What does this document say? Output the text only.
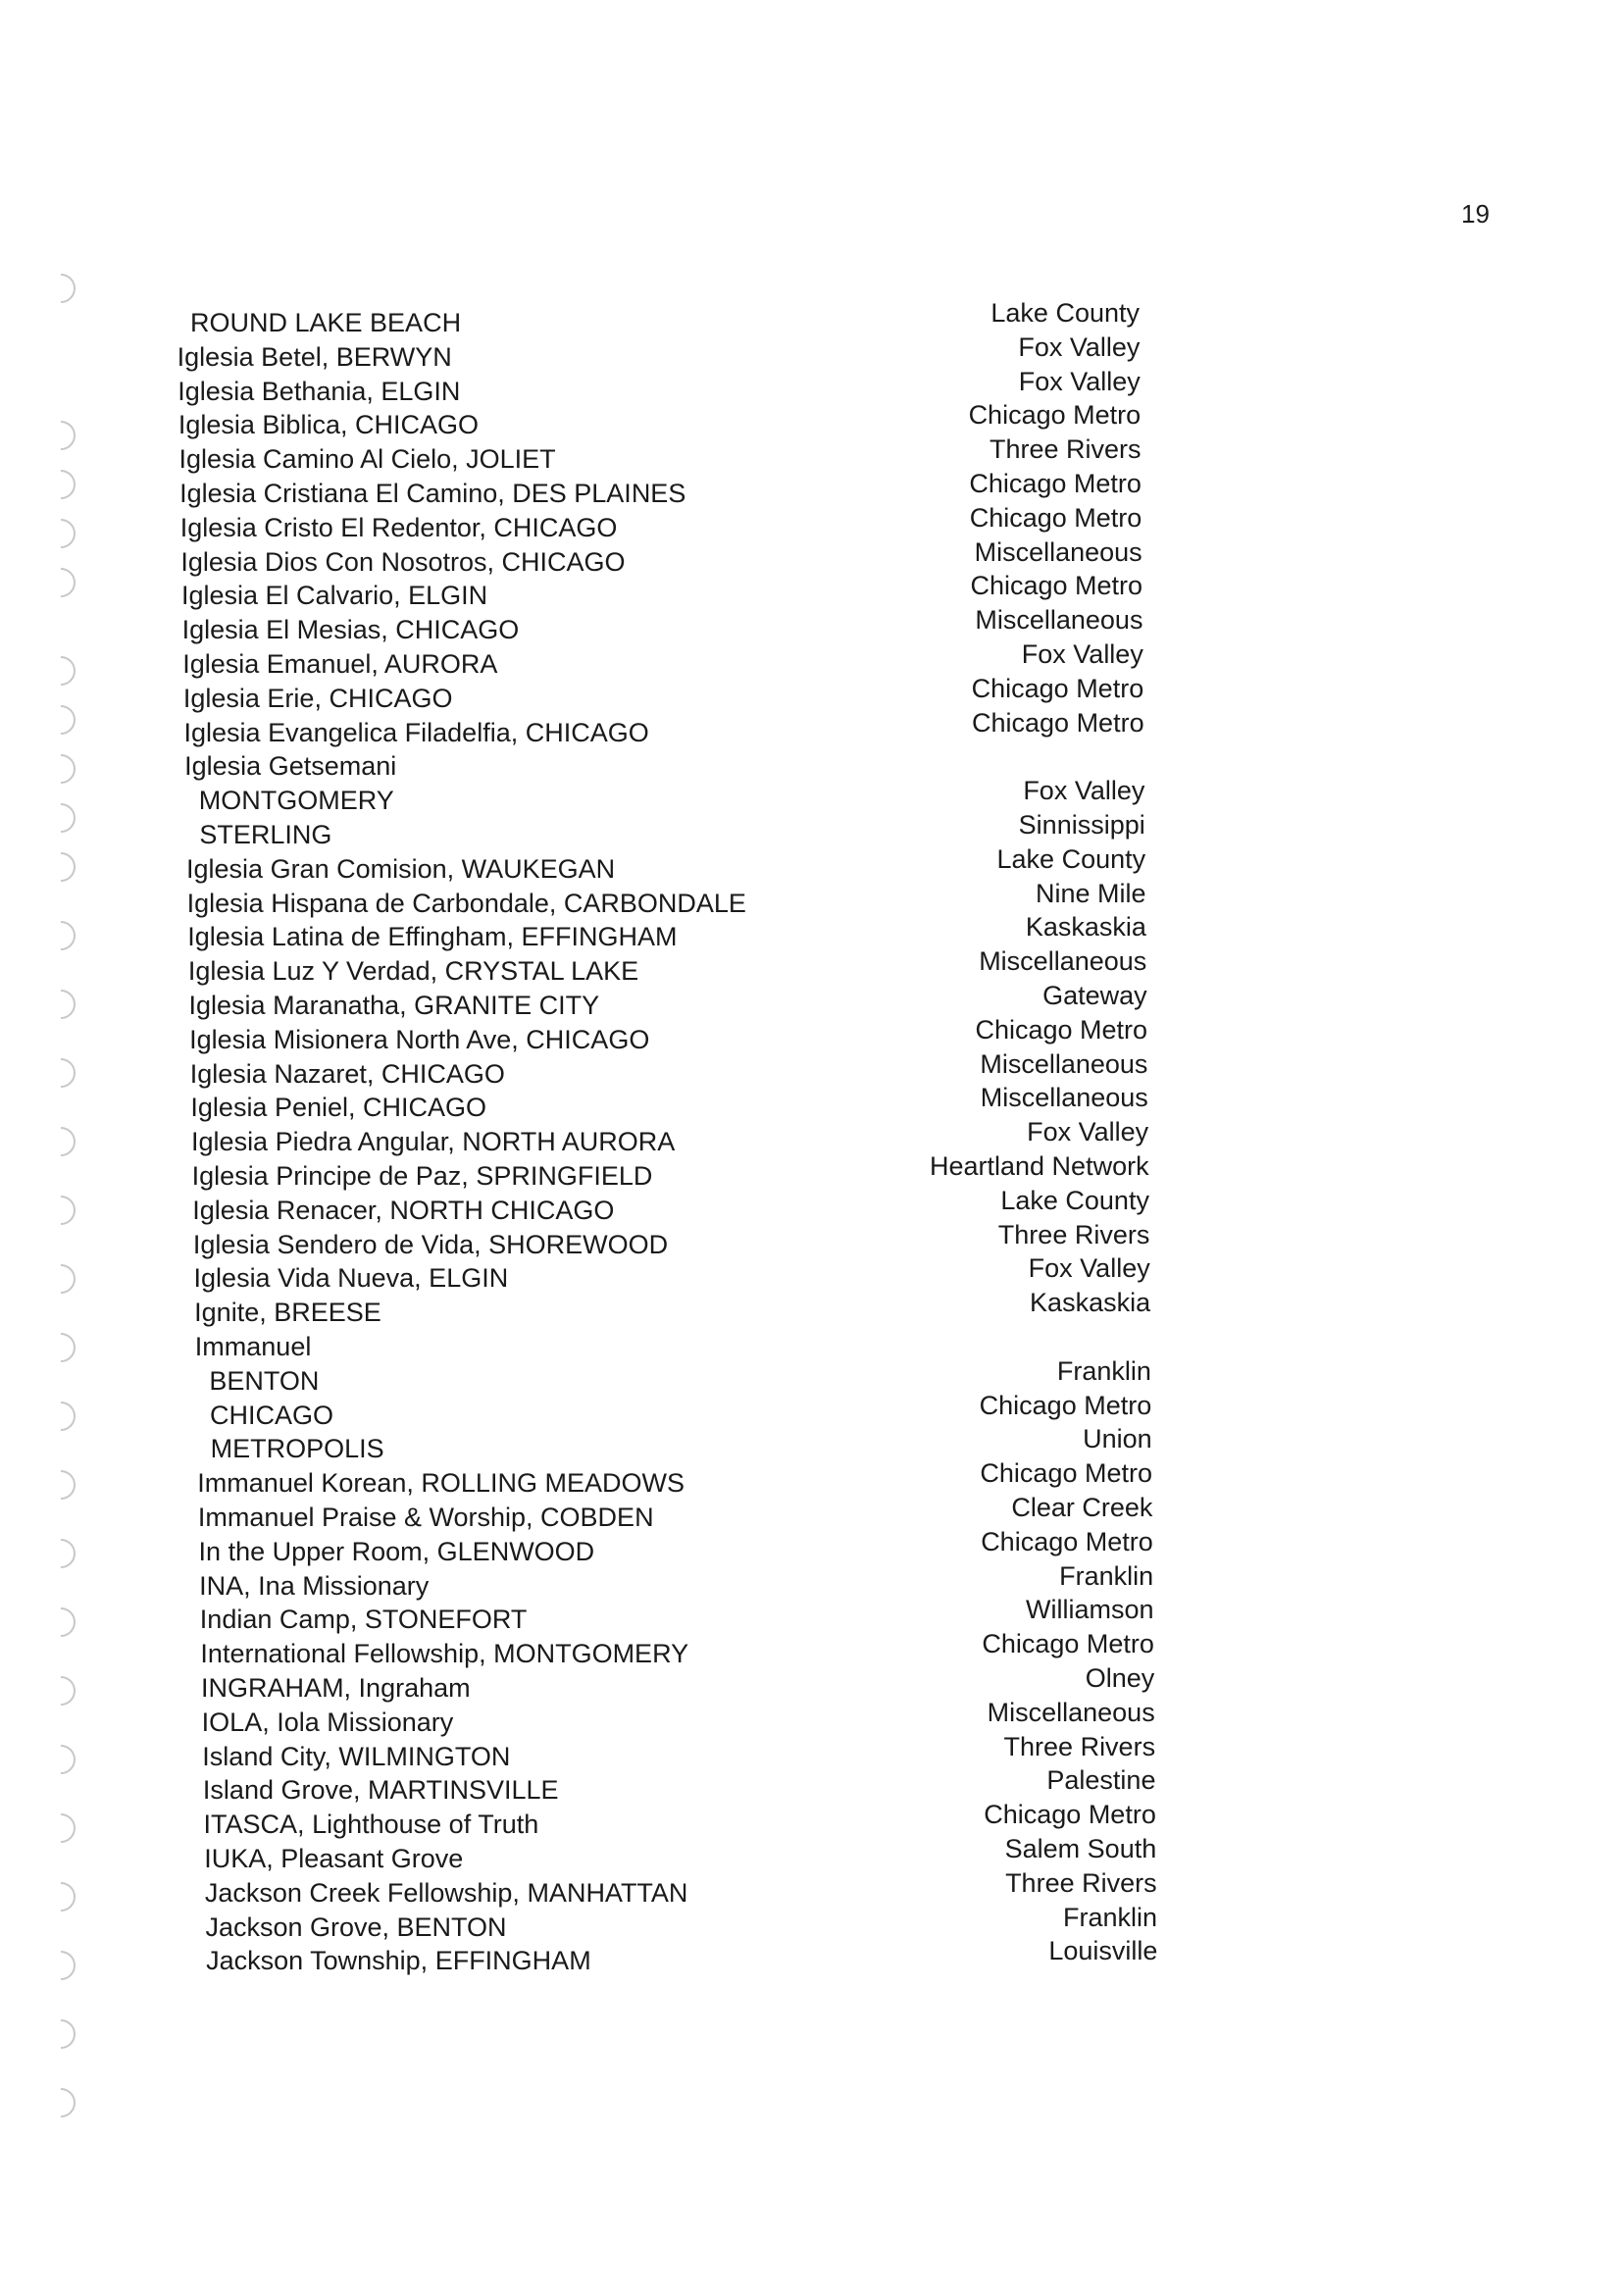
19
ROUND LAKE BEACH	Lake County
Iglesia Betel, BERWYN	Fox Valley
Iglesia Bethania, ELGIN	Fox Valley
Iglesia Biblica, CHICAGO	Chicago Metro
Iglesia Camino Al Cielo, JOLIET	Three Rivers
Iglesia Cristiana El Camino, DES PLAINES	Chicago Metro
Iglesia Cristo El Redentor, CHICAGO	Chicago Metro
Iglesia Dios Con Nosotros, CHICAGO	Miscellaneous
Iglesia El Calvario, ELGIN	Chicago Metro
Iglesia El Mesias, CHICAGO	Miscellaneous
Iglesia Emanuel, AURORA	Fox Valley
Iglesia Erie, CHICAGO	Chicago Metro
Iglesia Evangelica Filadelfia, CHICAGO	Chicago Metro
Iglesia Getsemani
MONTGOMERY	Fox Valley
STERLING	Sinnissippi
Iglesia Gran Comision, WAUKEGAN	Lake County
Iglesia Hispana de Carbondale, CARBONDALE	Nine Mile
Iglesia Latina de Effingham, EFFINGHAM	Kaskaskia
Iglesia Luz Y Verdad, CRYSTAL LAKE	Miscellaneous
Iglesia Maranatha, GRANITE CITY	Gateway
Iglesia Misionera North Ave, CHICAGO	Chicago Metro
Iglesia Nazaret, CHICAGO	Miscellaneous
Iglesia Peniel, CHICAGO	Miscellaneous
Iglesia Piedra Angular, NORTH AURORA	Fox Valley
Iglesia Principe de Paz, SPRINGFIELD	Heartland Network
Iglesia Renacer, NORTH CHICAGO	Lake County
Iglesia Sendero de Vida, SHOREWOOD	Three Rivers
Iglesia Vida Nueva, ELGIN	Fox Valley
Ignite, BREESE	Kaskaskia
Immanuel
BENTON	Franklin
CHICAGO	Chicago Metro
METROPOLIS	Union
Immanuel Korean, ROLLING MEADOWS	Chicago Metro
Immanuel Praise & Worship, COBDEN	Clear Creek
In the Upper Room, GLENWOOD	Chicago Metro
INA, Ina Missionary	Franklin
Indian Camp, STONEFORT	Williamson
International Fellowship, MONTGOMERY	Chicago Metro
INGRAHAM, Ingraham	Olney
IOLA, Iola Missionary	Miscellaneous
Island City, WILMINGTON	Three Rivers
Island Grove, MARTINSVILLE	Palestine
ITASCA, Lighthouse of Truth	Chicago Metro
IUKA, Pleasant Grove	Salem South
Jackson Creek Fellowship, MANHATTAN	Three Rivers
Jackson Grove, BENTON	Franklin
Jackson Township, EFFINGHAM	Louisville
